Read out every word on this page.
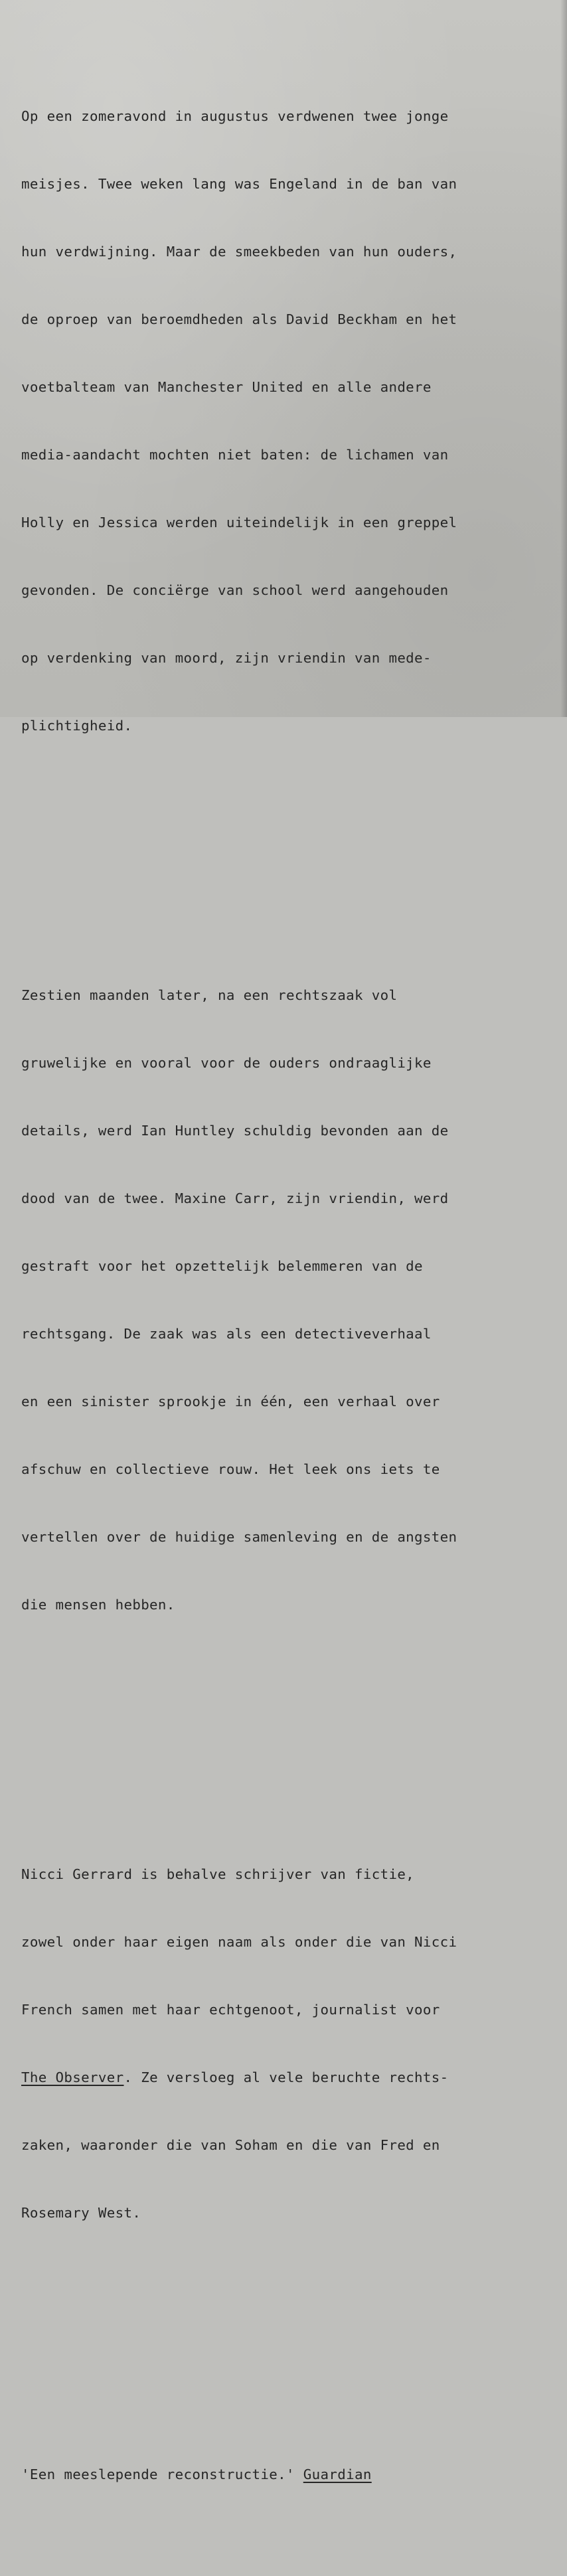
Op een zomeravond in augustus verdwenen twee jonge

meisjes. Twee weken lang was Engeland in de ban van

hun verdwijning. Maar de smeekbeden van hun ouders,

de oproep van beroemdheden als David Beckham en het

voetbalteam van Manchester United en alle andere

media-aandacht mochten niet baten: de lichamen van

Holly en Jessica werden uiteindelijk in een greppel

gevonden. De conciërge van school werd aangehouden

op verdenking van moord, zijn vriendin van mede-

plichtigheid.

Zestien maanden later, na een rechtszaak vol

gruwelijke en vooral voor de ouders ondraaglijke

details, werd Ian Huntley schuldig bevonden aan de

dood van de twee. Maxine Carr, zijn vriendin, werd

gestraft voor het opzettelijk belemmeren van de

rechtsgang. De zaak was als een detectiveverhaal

en een sinister sprookje in één, een verhaal over

afschuw en collectieve rouw. Het leek ons iets te

vertellen over de huidige samenleving en de angsten

die mensen hebben.

Nicci Gerrard is behalve schrijver van fictie,

zowel onder haar eigen naam als onder die van Nicci

French samen met haar echtgenoot, journalist voor

The Observer. Ze versloeg al vele beruchte rechts-

zaken, waaronder die van Soham en die van Fred en

Rosemary West.

'Een meeslepende reconstructie.' Guardian
